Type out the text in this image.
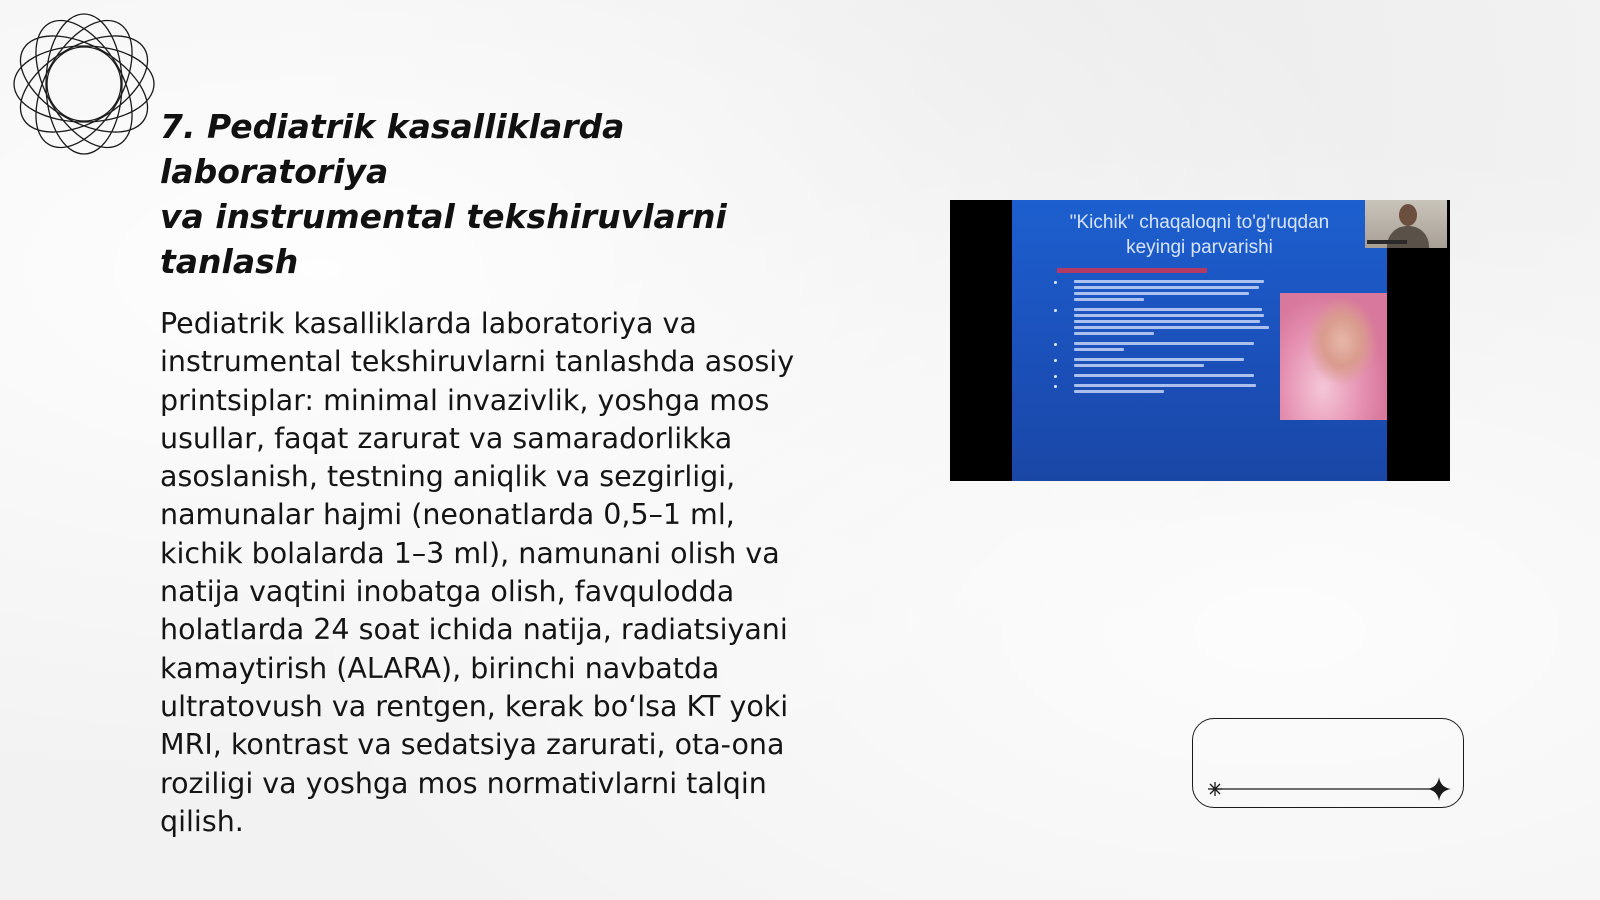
7. Pediatrik kasalliklarda laboratoriya
va instrumental tekshiruvlarni
tanlash
Pediatrik kasalliklarda laboratoriya va
instrumental tekshiruvlarni tanlashda asosiy
printsiplar: minimal invazivlik, yoshga mos
usullar, faqat zarurat va samaradorlikka
asoslanish, testning aniqlik va sezgirligi,
namunalar hajmi (neonatlarda 0,5–1 ml,
kichik bolalarda 1–3 ml), namunani olish va
natija vaqtini inobatga olish, favqulodda
holatlarda 24 soat ichida natija, radiatsiyani
kamaytirish (ALARA), birinchi navbatda
ultratovush va rentgen, kerak bo‘lsa KT yoki
MRI, kontrast va sedatsiya zarurati, ota-ona
roziligi va yoshga mos normativlarni talqin
qilish.
"Kichik" chaqaloqni to'g'ruqdan
keyingi parvarishi
